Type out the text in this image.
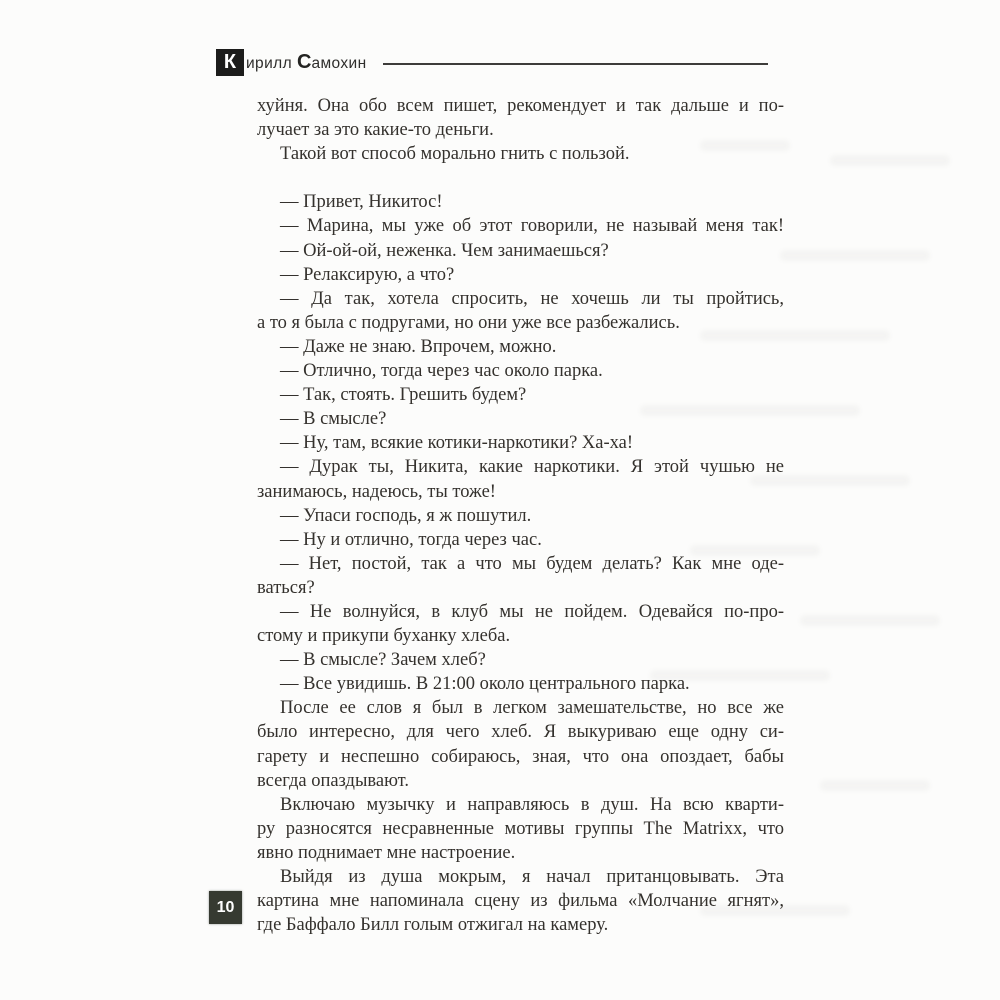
К ирилл С амохин
хуйня. Она обо всем пишет, рекомендует и так дальше и по-
лучает за это какие-то деньги.
Такой вот способ морально гнить с пользой.

— Привет, Никитос!
— Марина, мы уже об этот говорили, не называй меня так!
— Ой-ой-ой, неженка. Чем занимаешься?
— Релаксирую, а что?
— Да так, хотела спросить, не хочешь ли ты пройтись,
а то я была с подругами, но они уже все разбежались.
— Даже не знаю. Впрочем, можно.
— Отлично, тогда через час около парка.
— Так, стоять. Грешить будем?
— В смысле?
— Ну, там, всякие котики-наркотики? Ха-ха!
— Дурак ты, Никита, какие наркотики. Я этой чушью не
занимаюсь, надеюсь, ты тоже!
— Упаси господь, я ж пошутил.
— Ну и отлично, тогда через час.
— Нет, постой, так а что мы будем делать? Как мне оде-
ваться?
— Не волнуйся, в клуб мы не пойдем. Одевайся по-про-
стому и прикупи буханку хлеба.
— В смысле? Зачем хлеб?
— Все увидишь. В 21:00 около центрального парка.
После ее слов я был в легком замешательстве, но все же
было интересно, для чего хлеб. Я выкуриваю еще одну си-
гарету и неспешно собираюсь, зная, что она опоздает, бабы
всегда опаздывают.
Включаю музычку и направляюсь в душ. На всю кварти-
ру разносятся несравненные мотивы группы The Matrixx, что
явно поднимает мне настроение.
Выйдя из душа мокрым, я начал пританцовывать. Эта
картина мне напоминала сцену из фильма «Молчание ягнят»,
где Баффало Билл голым отжигал на камеру.
10
